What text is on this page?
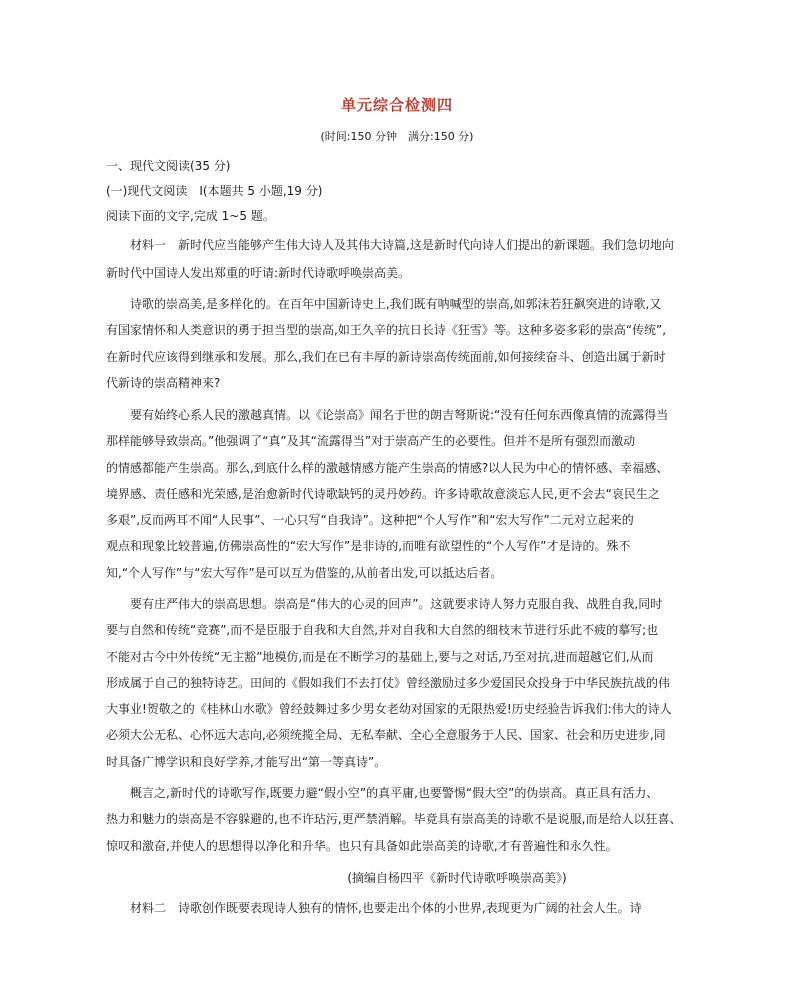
单元综合检测四
(时间:150 分钟　满分:150 分)
一、现代文阅读(35 分)
(一)现代文阅读　Ⅰ(本题共 5 小题,19 分)
阅读下面的文字,完成 1~5 题。
材料一　新时代应当能够产生伟大诗人及其伟大诗篇,这是新时代向诗人们提出的新课题。我们急切地向
新时代中国诗人发出郑重的吁请:新时代诗歌呼唤崇高美。
诗歌的崇高美,是多样化的。在百年中国新诗史上,我们既有呐喊型的崇高,如郭沫若狂飙突进的诗歌,又
有国家情怀和人类意识的勇于担当型的崇高,如王久辛的抗日长诗《狂雪》等。这种多姿多彩的崇高“传统”,
在新时代应该得到继承和发展。那么,我们在已有丰厚的新诗崇高传统面前,如何接续奋斗、创造出属于新时
代新诗的崇高精神来?
要有始终心系人民的激越真情。以《论崇高》闻名于世的朗吉弩斯说:“没有任何东西像真情的流露得当
那样能够导致崇高。”他强调了“真”及其“流露得当”对于崇高产生的必要性。但并不是所有强烈而激动
的情感都能产生崇高。那么,到底什么样的激越情感方能产生崇高的情感?以人民为中心的情怀感、幸福感、
境界感、责任感和光荣感,是治愈新时代诗歌缺钙的灵丹妙药。许多诗歌故意淡忘人民,更不会去“哀民生之
多艰”,反而两耳不闻“人民事”、一心只写“自我诗”。这种把“个人写作”和“宏大写作”二元对立起来的
观点和现象比较普遍,仿佛崇高性的“宏大写作”是非诗的,而唯有欲望性的“个人写作”才是诗的。殊不
知,“个人写作”与“宏大写作”是可以互为借鉴的,从前者出发,可以抵达后者。
要有庄严伟大的崇高思想。崇高是“伟大的心灵的回声”。这就要求诗人努力克服自我、战胜自我,同时
要与自然和传统“竞赛”,而不是臣服于自我和大自然,并对自我和大自然的细枝末节进行乐此不疲的摹写;也
不能对古今中外传统“无主豁”地模仿,而是在不断学习的基础上,要与之对话,乃至对抗,进而超越它们,从而
形成属于自己的独特诗艺。田间的《假如我们不去打仗》曾经激励过多少爱国民众投身于中华民族抗战的伟
大事业!贺敬之的《桂林山水歌》曾经鼓舞过多少男女老幼对国家的无限热爱!历史经验告诉我们:伟大的诗人
必须大公无私、心怀远大志向,必须统揽全局、无私奉献、全心全意服务于人民、国家、社会和历史进步,同
时具备广博学识和良好学养,才能写出“第一等真诗”。
概言之,新时代的诗歌写作,既要力避“假小空”的真平庸,也要警惕“假大空”的伪崇高。真正具有活力、
热力和魅力的崇高是不容躲避的,也不许玷污,更严禁消解。毕竟具有崇高美的诗歌不是说服,而是给人以狂喜、
惊叹和激奋,并使人的思想得以净化和升华。也只有具备如此崇高美的诗歌,才有普遍性和永久性。
(摘编自杨四平《新时代诗歌呼唤崇高美》)
材料二　诗歌创作既要表现诗人独有的情怀,也要走出个体的小世界,表现更为广阔的社会人生。诗
